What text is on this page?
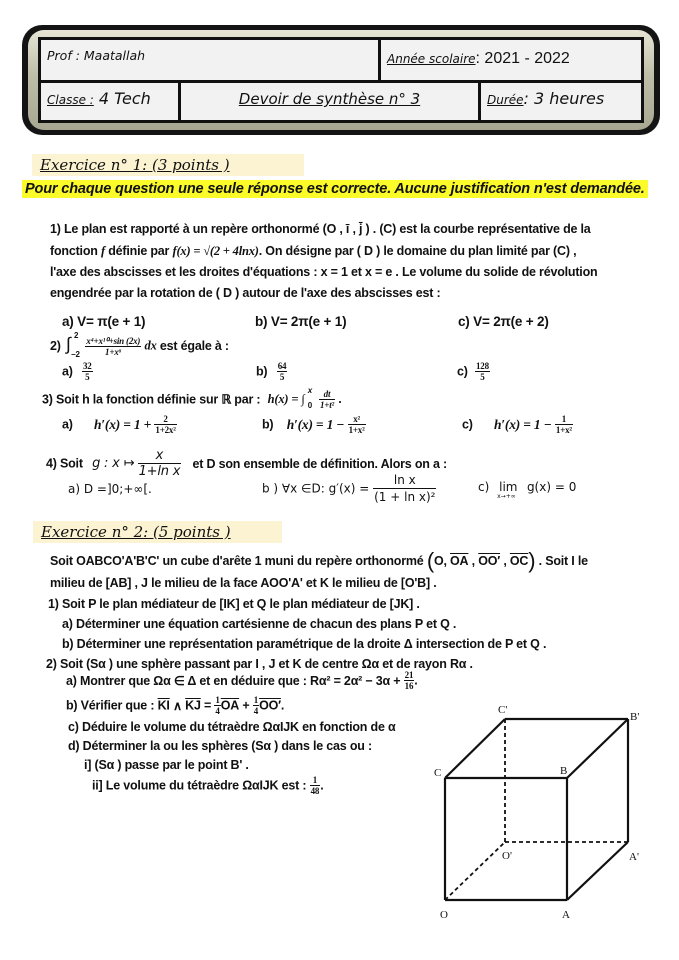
Prof : Maatallah	Année scolaire: 2021 - 2022
Classe : 4 Tech	Devoir de synthèse n° 3	Durée: 3 heures
Exercice n° 1: (3 points )
Pour chaque question une seule réponse est correcte. Aucune justification n'est demandée.
1) Le plan est rapporté à un repère orthonormé (O , ī , j̄ ) . (C) est la courbe représentative de la
fonction f définie par f(x) = √(2 + 4lnx). On désigne par ( D ) le domaine du plan limité par (C) ,
l'axe des abscisses et les droites d'équations : x = 1 et x = e . Le volume du solide de révolution
engendrée par la rotation de ( D ) autour de l'axe des abscisses est :
a) V= π(e + 1)	b) V= 2π(e + 1)	c) V= 2π(e + 2)
2) ∫ 2
−2
$\frac{\text{x⁴+x¹⁰+sin (2x)}}{\text{1+x⁶}}$ dx est égale à :
$a) \frac{32}{5}$	$b) \frac{64}{5}$	$c) \frac{128}{5}$
3) Soit h la fonction définie sur ℝ par : h(x) = ∫
x
0
$\frac{dt}{\text{1+t²}}$ .
a) $h'(x) = 1 + \frac{2}{\text{1+2x²}}$	b) $h'(x) = 1 - \frac{\text{x²}}{\text{1+x²}}$	c) $h'(x) = 1 - \frac{1}{\text{1+x²}}$
4) Soit g : x ↦ $\frac{x}{\text{1+ln x}}$ et D son ensemble de définition. Alors on a :
a) D =]0;+∞[.	b ) ∀x ∈D: $g'(x) = \frac{\text{ln x}}{\text{(1 + ln x)²}}$	c) lim
x→+∞
g(x) = 0
Exercice n° 2: (5 points )
Soit OABCO'A'B'C' un cube d'arête 1 muni du repère orthonormé (O, $\overline{OA}$ , OO′ , $\overline{OC}$) . Soit I le
milieu de [AB] , J le milieu de la face AOO'A' et K le milieu de [O'B] .
1) Soit P le plan médiateur de [IK] et Q le plan médiateur de [JK] .
a) Déterminer une équation cartésienne de chacun des plans P et Q .
b) Déterminer une représentation paramétrique de la droite Δ intersection de P et Q .
2) Soit (Sα ) une sphère passant par I , J et K de centre Ωα et de rayon Rα .
a) Montrer que Ωα ∈ Δ et en déduire que : $R\alpha^2 = 2\alpha^2 - 3\alpha + \frac{21}{16}$ .
b) Vérifier que : $\overline{KI}$ ∧ $\overline{KJ} = \frac{1}{4} \overline{OA} + \frac{1}{4} OO'$.
c) Déduire le volume du tétraèdre ΩαIJK en fonction de α
d) Déterminer la ou les sphères (Sα ) dans le cas ou :
i] (Sα ) passe par le point B' .
ii] Le volume du tétraèdre ΩαIJK est : $\frac{1}{48}$ .
O	A
B
C
O'	A'
B'
C'
